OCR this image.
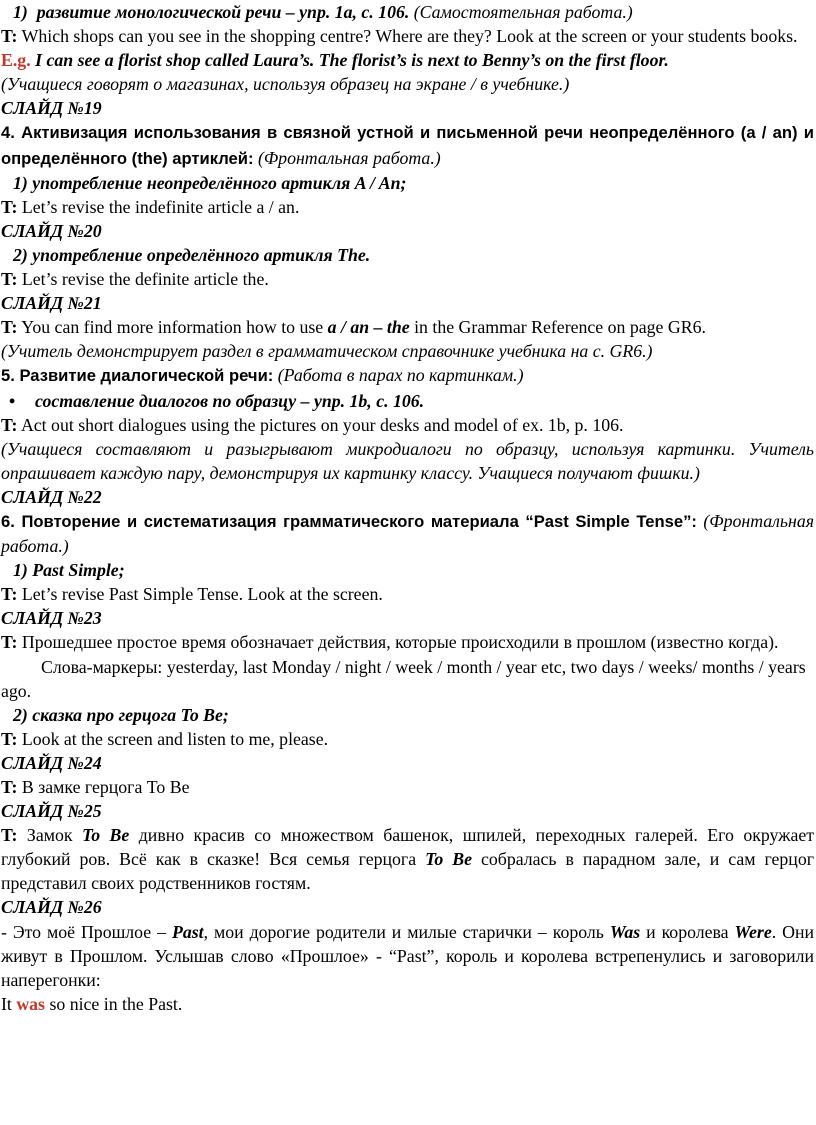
1) развитие монологической речи – упр. 1a, с. 106. (Самостоятельная работа.)

T: Which shops can you see in the shopping centre? Where are they? Look at the screen or your students books.

E.g. I can see a florist shop called Laura’s. The florist’s is next to Benny’s on the first floor.

(Учащиеся говорят о магазинах, используя образец на экране / в учебнике.)

СЛАЙД №19

4. Активизация использования в связной устной и письменной речи неопределённого (a / an) и определённого (the) артиклей: (Фронтальная работа.)

1) употребление неопределённого артикля A / An;

T: Let’s revise the indefinite article a / an.

СЛАЙД №20

2) употребление определённого артикля The.

T: Let’s revise the definite article the.

СЛАЙД №21

T: You can find more information how to use a / an – the in the Grammar Reference on page GR6.

(Учитель демонстрирует раздел в грамматическом справочнике учебника на с. GR6.)

5. Развитие диалогической речи: (Работа в парах по картинкам.)

• составление диалогов по образцу – упр. 1b, с. 106.

T: Act out short dialogues using the pictures on your desks and model of ex. 1b, p. 106.

(Учащиеся составляют и разыгрывают микродиалоги по образцу, используя картинки. Учитель опрашивает каждую пару, демонстрируя их картинку классу. Учащиеся получают фишки.)

СЛАЙД №22

6. Повторение и систематизация грамматического материала “Past Simple Tense”: (Фронтальная работа.)

1) Past Simple;

T: Let’s revise Past Simple Tense. Look at the screen.

СЛАЙД №23

T: Прошедшее простое время обозначает действия, которые происходили в прошлом (известно когда).

Слова-маркеры: yesterday, last Monday / night / week / month / year etc, two days / weeks/ months / years ago.

2) сказка про герцога To Be;

T: Look at the screen and listen to me, please.

СЛАЙД №24

T: В замке герцога To Be

СЛАЙД №25

T: Замок To Be дивно красив со множеством башенок, шпилей, переходных галерей. Его окружает глубокий ров. Всё как в сказке! Вся семья герцога To Be собралась в парадном зале, и сам герцог представил своих родственников гостям.

СЛАЙД №26

- Это моё Прошлое – Past, мои дорогие родители и милые старички – король Was и королева Were. Они живут в Прошлом. Услышав слово «Прошлое» - “Past”, король и королева встрепенулись и заговорили наперегонки:

It was so nice in the Past.
